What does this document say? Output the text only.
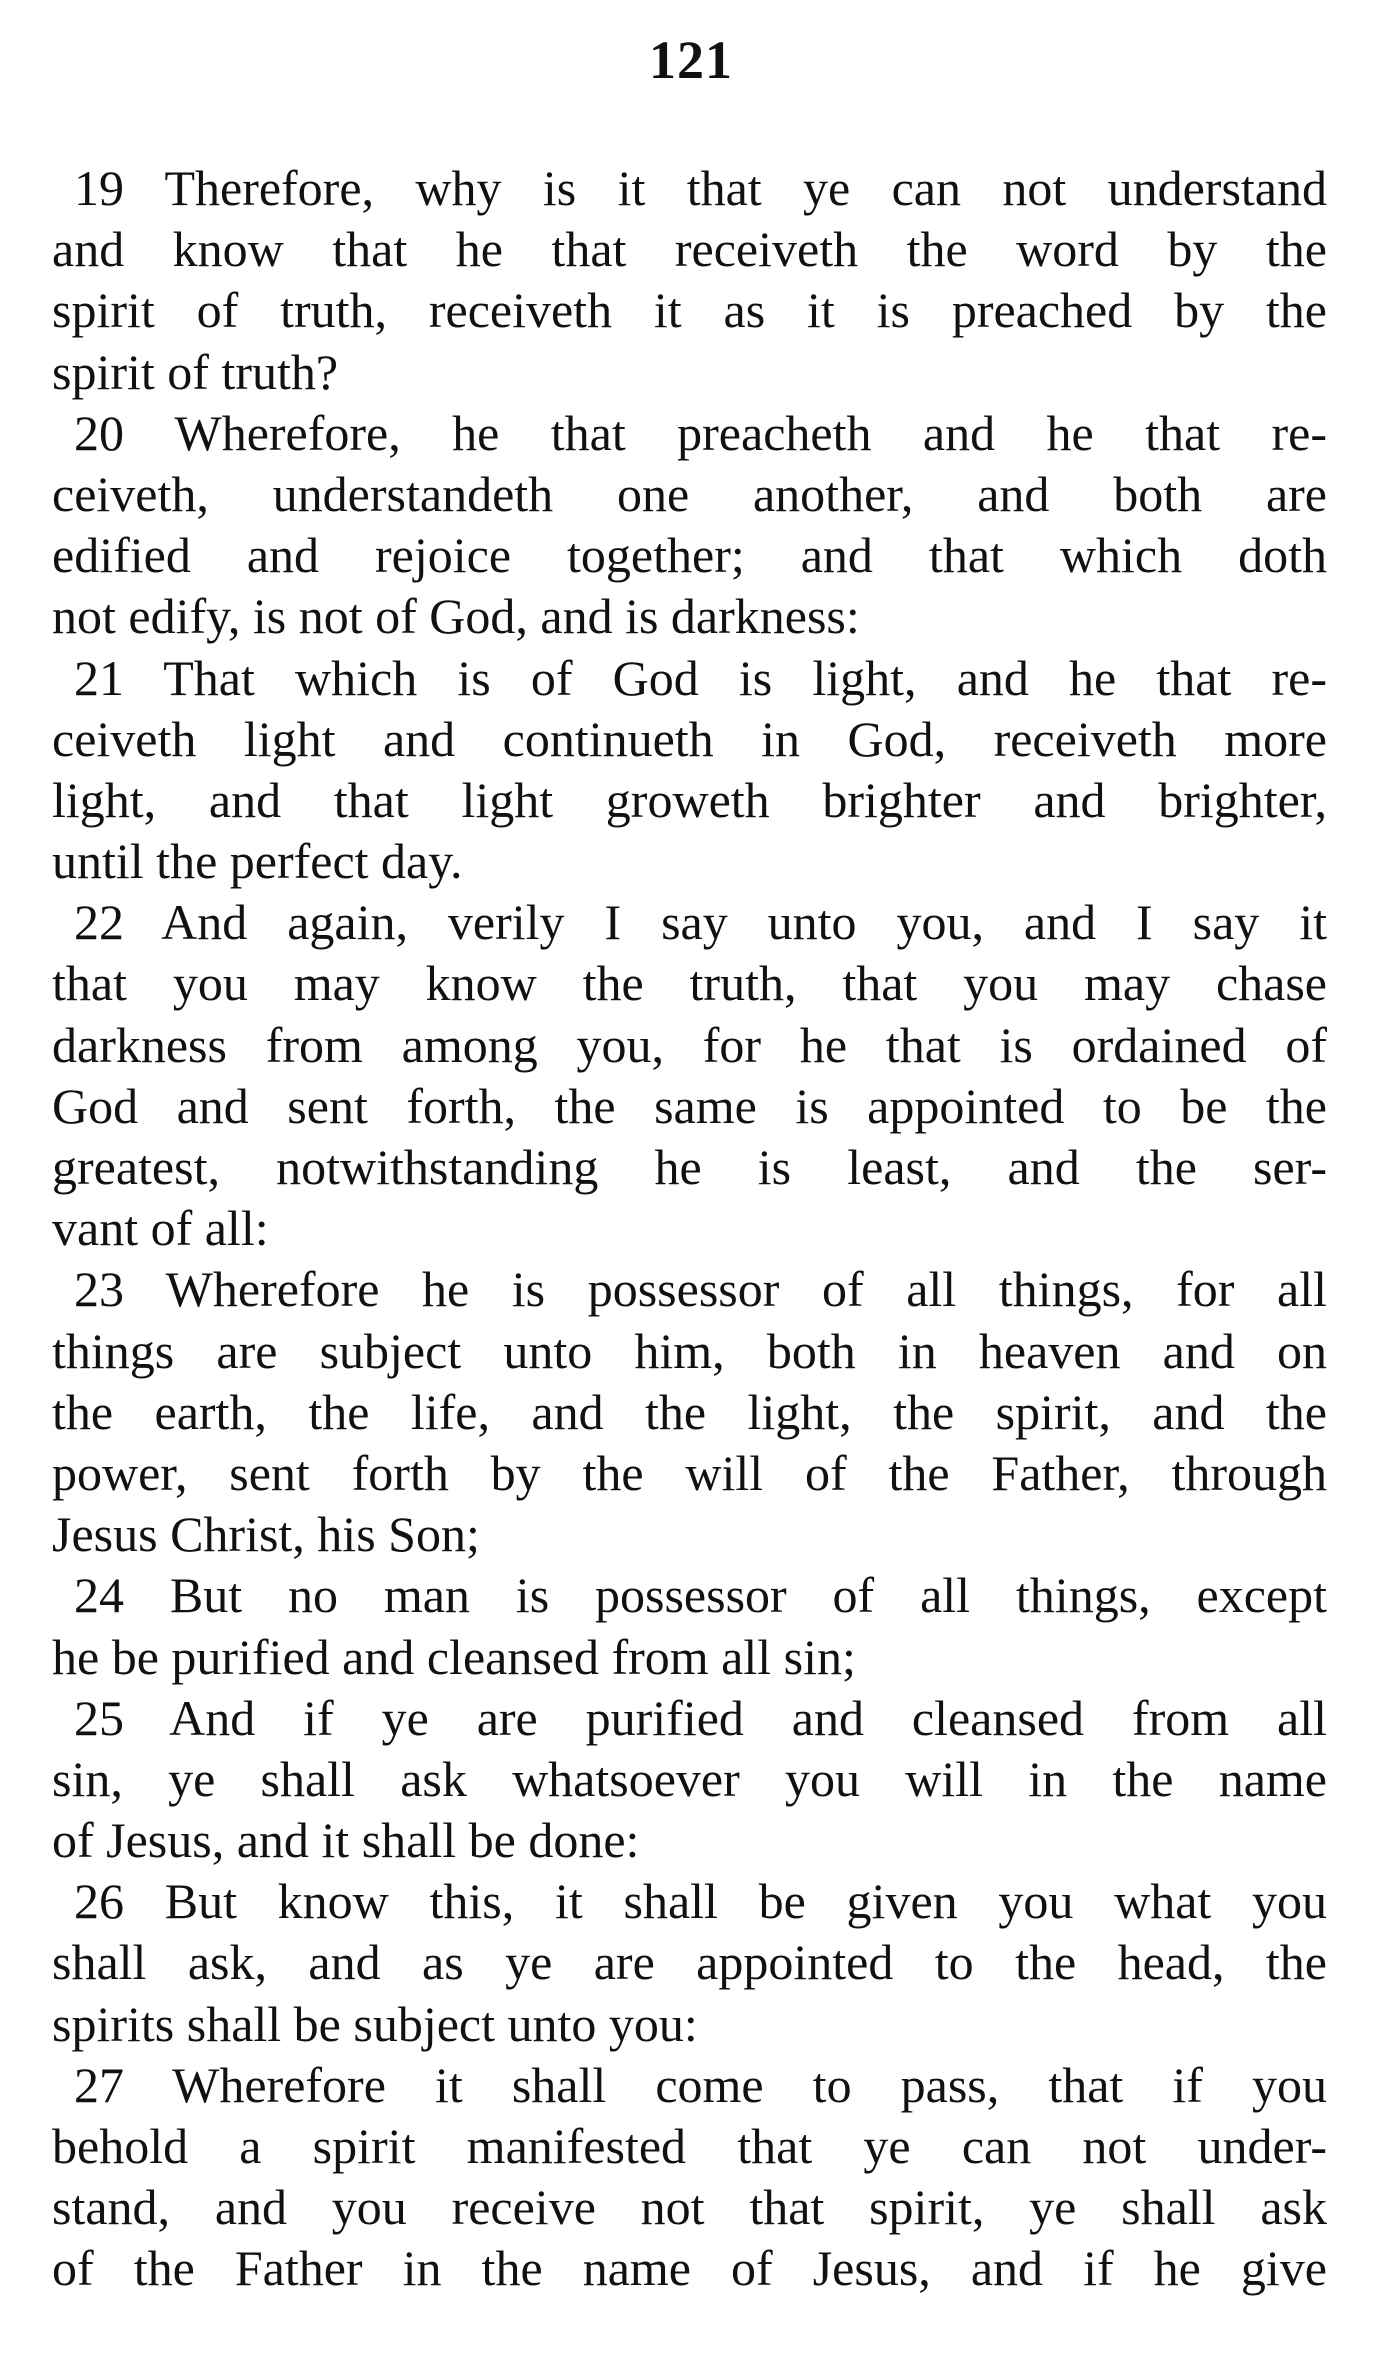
121
19 Therefore, why is it that ye can not understand
and know that he that receiveth the word by the
spirit of truth, receiveth it as it is preached by the
spirit of truth?
20 Wherefore, he that preacheth and he that re-
ceiveth, understandeth one another, and both are
edified and rejoice together; and that which doth
not edify, is not of God, and is darkness:
21 That which is of God is light, and he that re-
ceiveth light and continueth in God, receiveth more
light, and that light groweth brighter and brighter,
until the perfect day.
22 And again, verily I say unto you, and I say it
that you may know the truth, that you may chase
darkness from among you, for he that is ordained of
God and sent forth, the same is appointed to be the
greatest, notwithstanding he is least, and the ser-
vant of all:
23 Wherefore he is possessor of all things, for all
things are subject unto him, both in heaven and on
the earth, the life, and the light, the spirit, and the
power, sent forth by the will of the Father, through
Jesus Christ, his Son;
24 But no man is possessor of all things, except
he be purified and cleansed from all sin;
25 And if ye are purified and cleansed from all
sin, ye shall ask whatsoever you will in the name
of Jesus, and it shall be done:
26 But know this, it shall be given you what you
shall ask, and as ye are appointed to the head, the
spirits shall be subject unto you:
27 Wherefore it shall come to pass, that if you
behold a spirit manifested that ye can not under-
stand, and you receive not that spirit, ye shall ask
of the Father in the name of Jesus, and if he give
